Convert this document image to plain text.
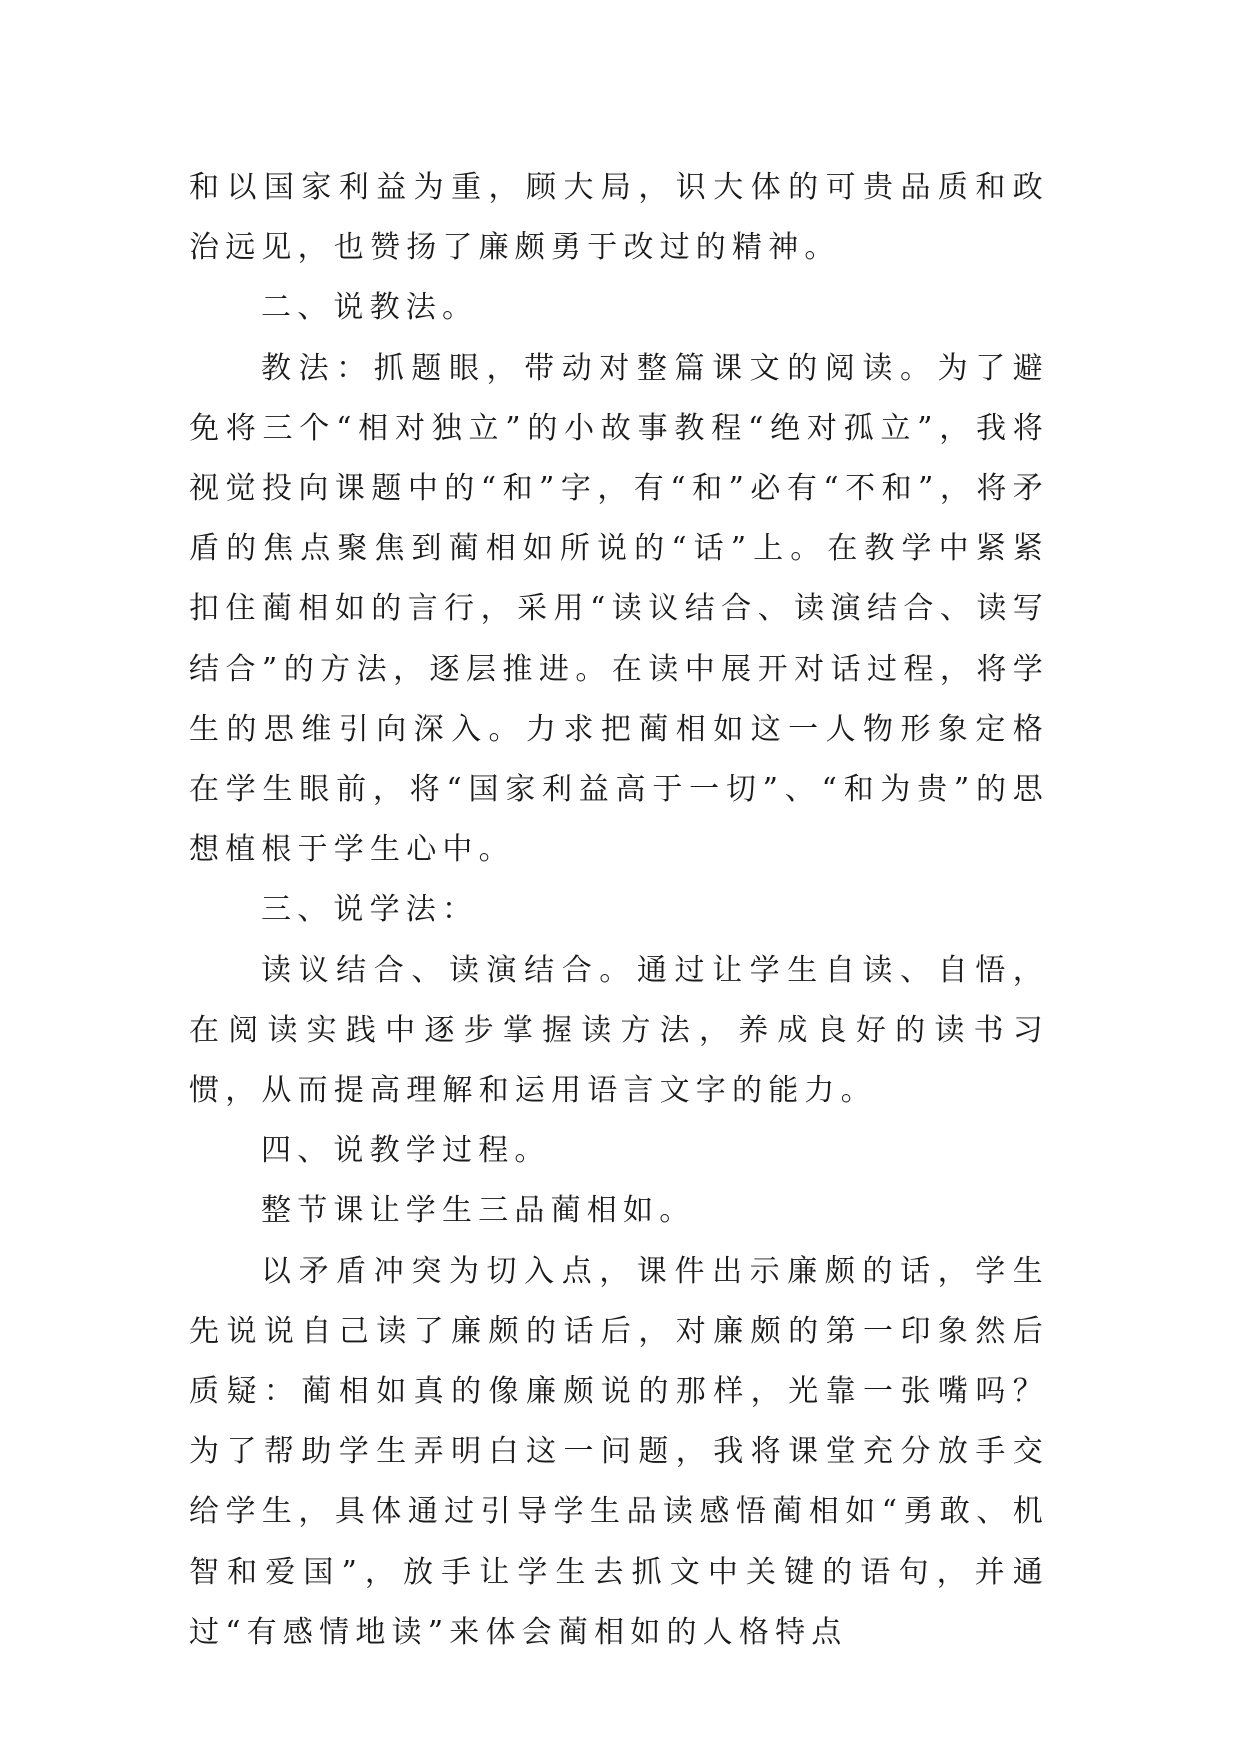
和以国家利益为重，顾大局，识大体的可贵品质和政治远见，也赞扬了廉颇勇于改过的精神。

二、说教法。

教法：抓题眼，带动对整篇课文的阅读。为了避免将三个“相对独立”的小故事教程“绝对孤立”，我将视觉投向课题中的“和”字，有“和”必有“不和”，将矛盾的焦点聚焦到蔺相如所说的“话”上。在教学中紧紧扣住蔺相如的言行，采用“读议结合、读演结合、读写结合”的方法，逐层推进。在读中展开对话过程，将学生的思维引向深入。力求把蔺相如这一人物形象定格在学生眼前，将“国家利益高于一切”、“和为贵”的思想植根于学生心中。

三、说学法：

读议结合、读演结合。通过让学生自读、自悟，在阅读实践中逐步掌握读方法，养成良好的读书习惯，从而提高理解和运用语言文字的能力。

四、说教学过程。

整节课让学生三品蔺相如。

以矛盾冲突为切入点，课件出示廉颇的话，学生先说说自己读了廉颇的话后，对廉颇的第一印象然后质疑：蔺相如真的像廉颇说的那样，光靠一张嘴吗？为了帮助学生弄明白这一问题，我将课堂充分放手交给学生，具体通过引导学生品读感悟蔺相如“勇敢、机智和爱国”，放手让学生去抓文中关键的语句，并通过“有感情地读”来体会蔺相如的人格特点
